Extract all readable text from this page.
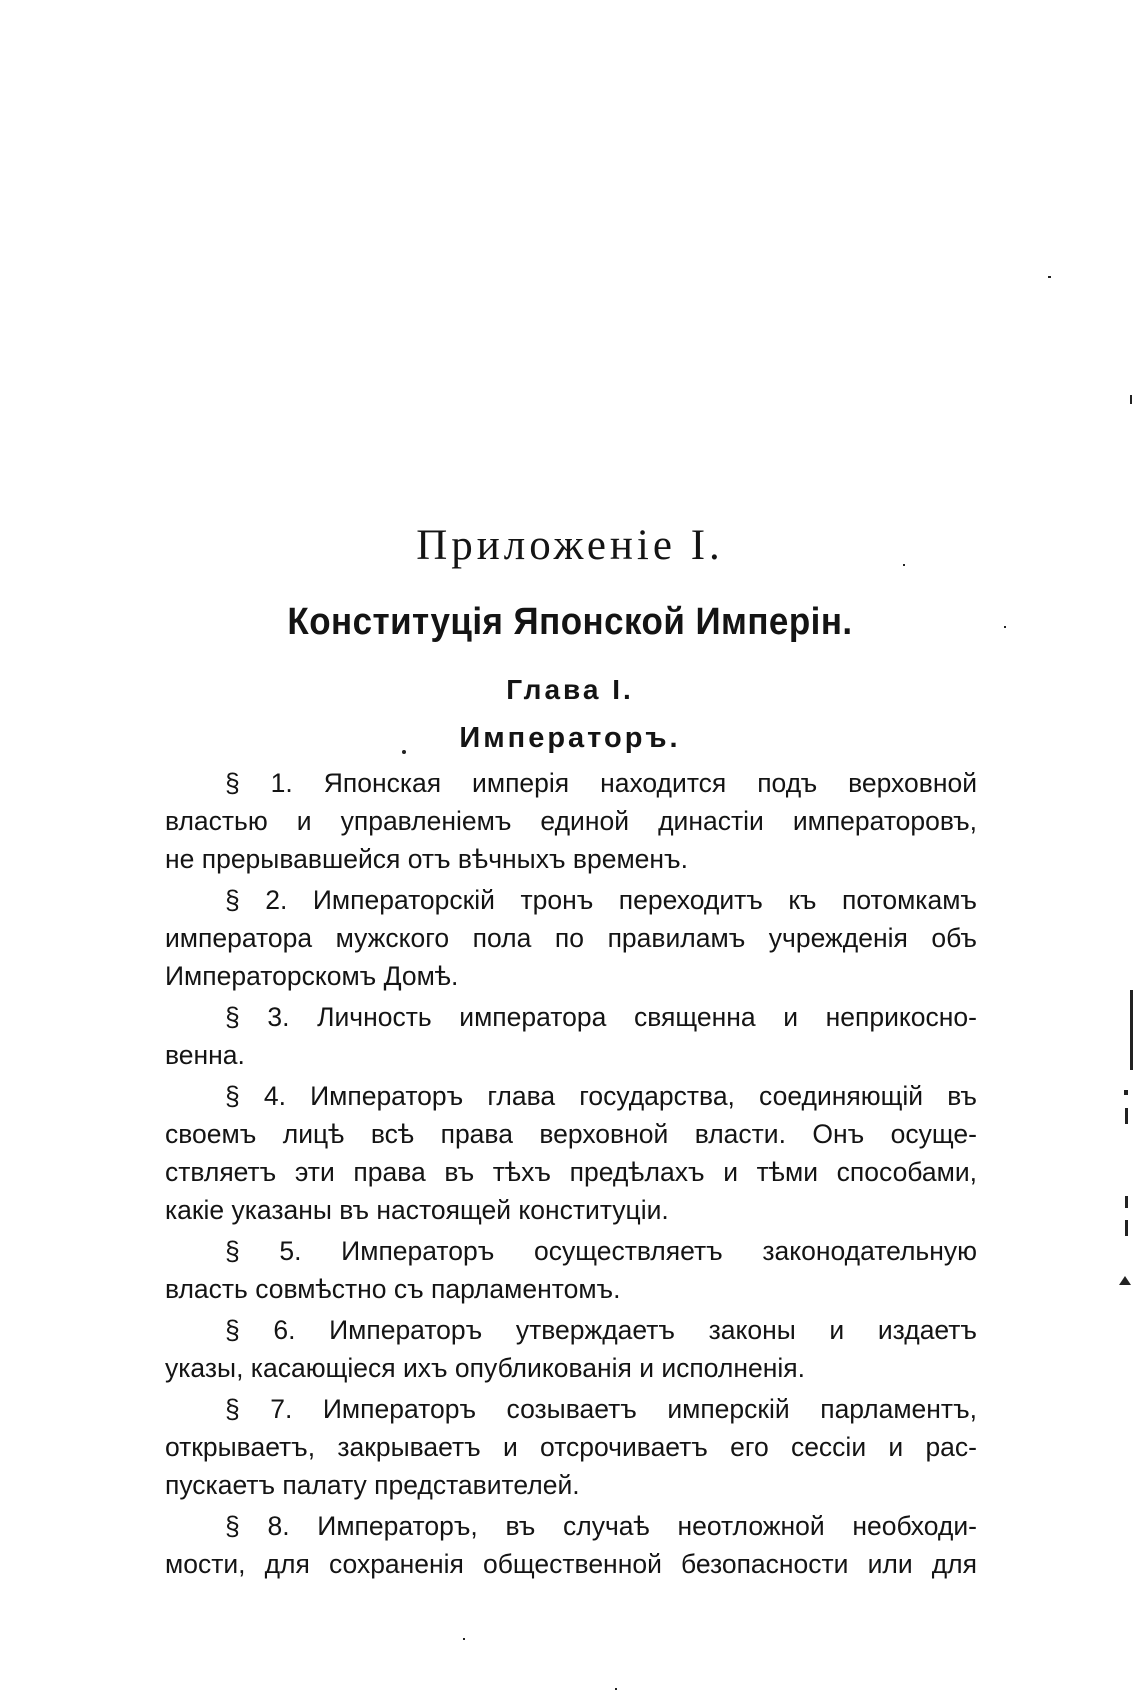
Приложеніе I.
Конституція Японской Имперін.
Глава I.
Императоръ.

§ 1. Японская имперія находится подъ верховной
властью и управленіемъ единой династіи императоровъ,
не прерывавшейся отъ вѣчныхъ временъ.

§ 2. Императорскій тронъ переходитъ къ потомкамъ
императора мужского пола по правиламъ учрежденія объ
Императорскомъ Домѣ.

§ 3. Личность императора священна и неприкосно-
венна.

§ 4. Императоръ глава государства, соединяющій въ
своемъ лицѣ всѣ права верховной власти. Онъ осуще-
ствляетъ эти права въ тѣхъ предѣлахъ и тѣми способами,
какіе указаны въ настоящей конституціи.

§ 5. Императоръ осуществляетъ законодательную
власть совмѣстно съ парламентомъ.

§ 6. Императоръ утверждаетъ законы и издаетъ
указы, касающіеся ихъ опубликованія и исполненія.

§ 7. Императоръ созываетъ имперскій парламентъ,
открываетъ, закрываетъ и отсрочиваетъ его сессіи и рас-
пускаетъ палату представителей.

§ 8. Императоръ, въ случаѣ неотложной необходи-
мости, для сохраненія общественной безопасности или для
